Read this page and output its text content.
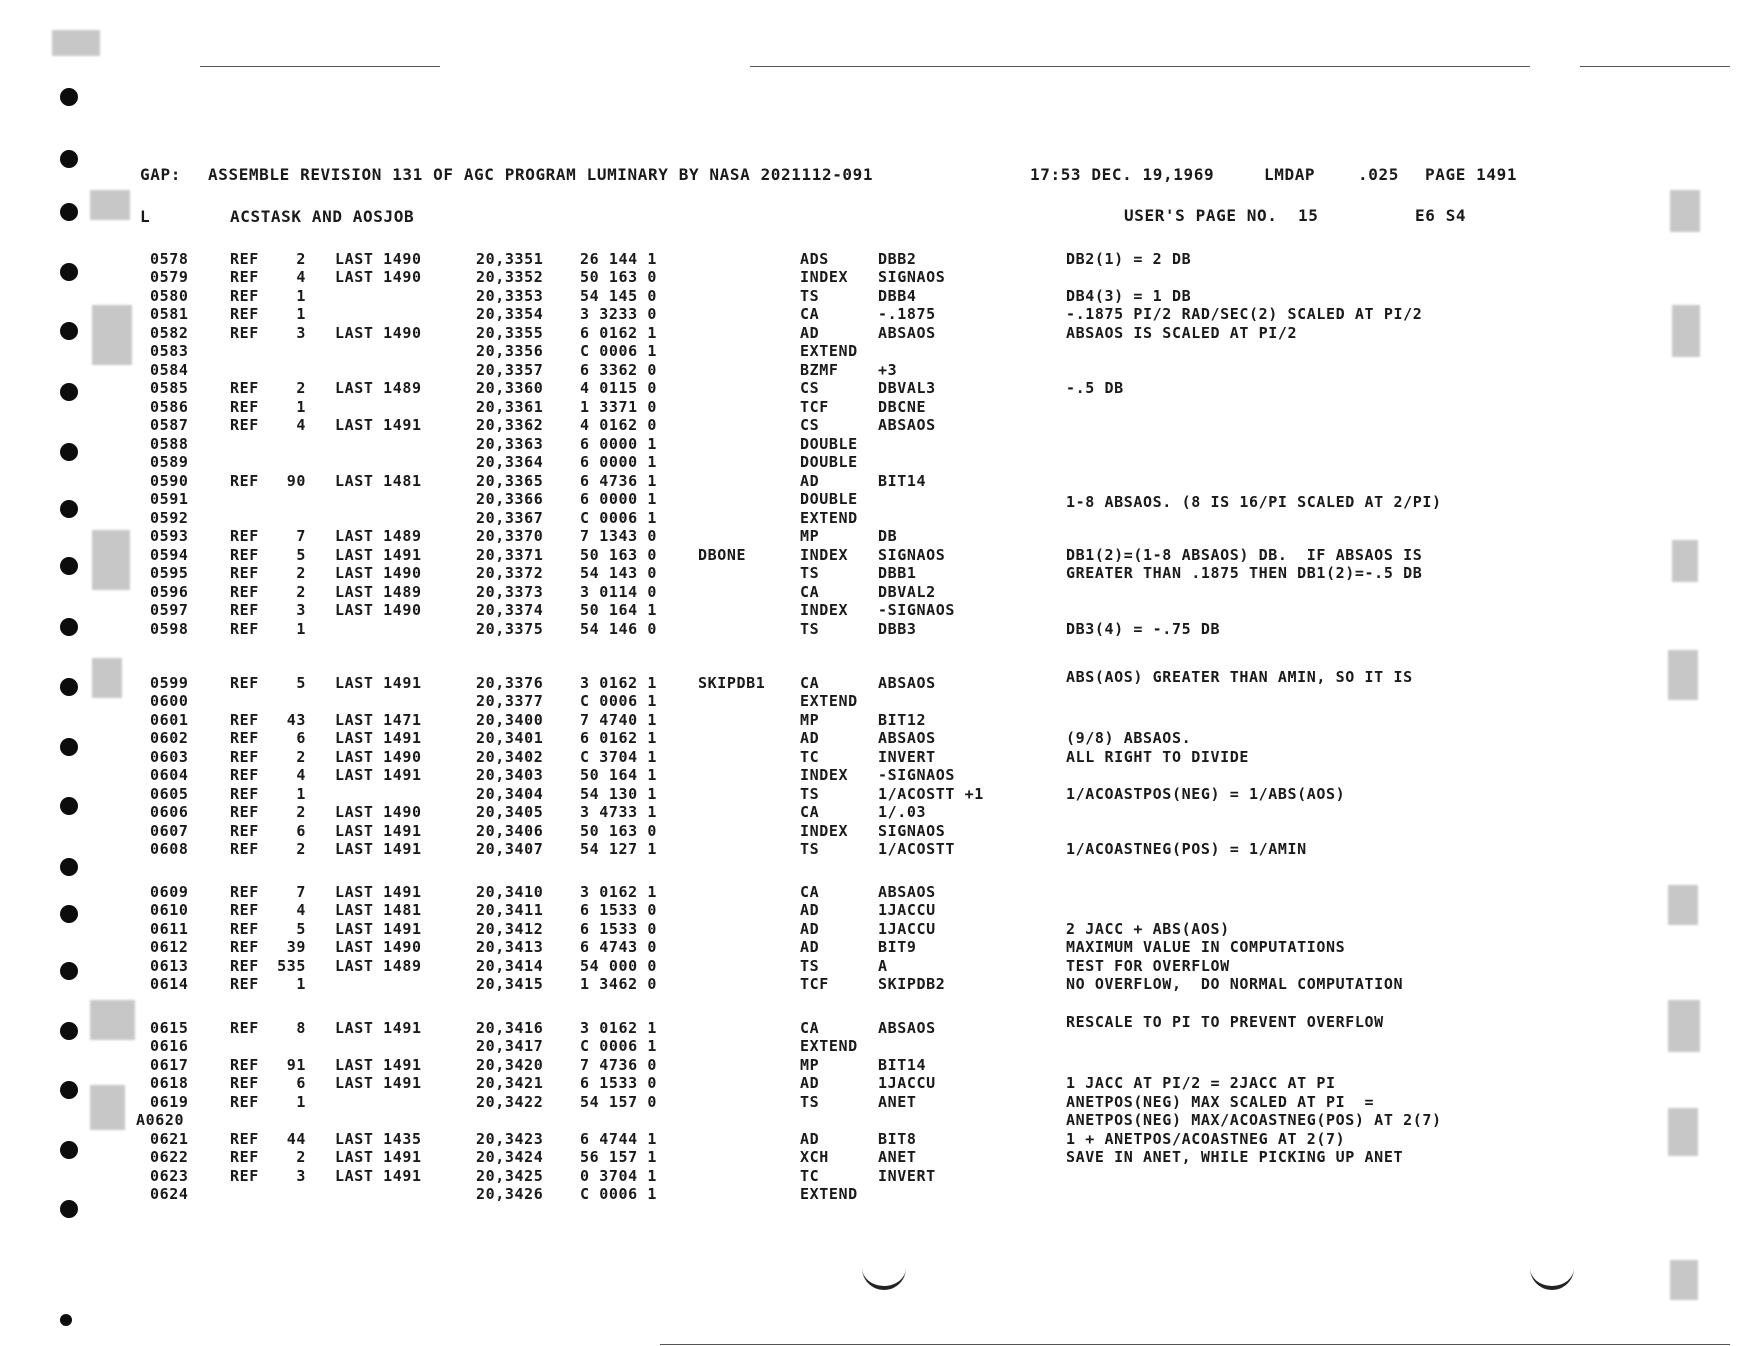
GAP: ASSEMBLE REVISION 131 OF AGC PROGRAM LUMINARY BY NASA 2021112-091	17:53 DEC. 19,1969	LMDAP	.025 PAGE 1491
L	ACSTASK AND AOSJOB	USER'S PAGE NO.  15	E6 S4
0578	REF 2 LAST 1490	20,3351 26 144 1	ADS	DBB2	DB2(1) = 2 DB
0579	REF 4 LAST 1490	20,3352 50 163 0	INDEX SIGNAOS
0580	REF 1	20,3353 54 145 0	TS	DBB4	DB4(3) = 1 DB
0581	REF 1	20,3354 3 3233 0	CA	-.1875	-.1875 PI/2 RAD/SEC(2) SCALED AT PI/2
0582	REF 3 LAST 1490	20,3355 6 0162 1	AD	ABSAOS	ABSAOS IS SCALED AT PI/2
0583	20,3356 C 0006 1	EXTEND
0584	20,3357 6 3362 0	BZMF	+3
0585	REF 2 LAST 1489	20,3360 4 0115 0	CS	DBVAL3	-.5 DB
0586	REF 1	20,3361 1 3371 0	TCF	DBCNE
0587	REF 4 LAST 1491	20,3362 4 0162 0	CS	ABSAOS
0588	20,3363 6 0000 1	DOUBLE
0589	20,3364 6 0000 1	DOUBLE
0590	REF 90 LAST 1481	20,3365 6 4736 1	AD	BIT14
0591	20,3366 6 0000 1	DOUBLE	1-8 ABSAOS. (8 IS 16/PI SCALED AT 2/PI)
0592	20,3367 C 0006 1	EXTEND
0593	REF 7 LAST 1489	20,3370 7 1343 0	MP	DB
0594	REF 5 LAST 1491	20,3371 50 163 0	DBONE	INDEX SIGNAOS	DB1(2)=(1-8 ABSAOS) DB.  IF ABSAOS IS
0595	REF 2 LAST 1490	20,3372 54 143 0	TS	DBB1	GREATER THAN .1875 THEN DB1(2)=-.5 DB
0596	REF 2 LAST 1489	20,3373 3 0114 0	CA	DBVAL2
0597	REF 3 LAST 1490	20,3374 50 164 1	INDEX -SIGNAOS
0598	REF 1	20,3375 54 146 0	TS	DBB3	DB3(4) = -.75 DB
0599	REF 5 LAST 1491	20,3376 3 0162 1	SKIPDB1 CA	ABSAOS	ABS(AOS) GREATER THAN AMIN, SO IT IS
0600	20,3377 C 0006 1	EXTEND
0601	REF 43 LAST 1471	20,3400 7 4740 1	MP	BIT12
0602	REF 6 LAST 1491	20,3401 6 0162 1	AD	ABSAOS	(9/8) ABSAOS.
0603	REF 2 LAST 1490	20,3402 C 3704 1	TC	INVERT	ALL RIGHT TO DIVIDE
0604	REF 4 LAST 1491	20,3403 50 164 1	INDEX -SIGNAOS
0605	REF 1	20,3404 54 130 1	TS	1/ACOSTT +1	1/ACOASTPOS(NEG) = 1/ABS(AOS)
0606	REF 2 LAST 1490	20,3405 3 4733 1	CA	1/.03
0607	REF 6 LAST 1491	20,3406 50 163 0	INDEX SIGNAOS
0608	REF 2 LAST 1491	20,3407 54 127 1	TS	1/ACOSTT	1/ACOASTNEG(POS) = 1/AMIN
0609	REF 7 LAST 1491	20,3410 3 0162 1	CA	ABSAOS
0610	REF 4 LAST 1481	20,3411 6 1533 0	AD	1JACCU
0611	REF 5 LAST 1491	20,3412 6 1533 0	AD	1JACCU	2 JACC + ABS(AOS)
0612	REF 39 LAST 1490	20,3413 6 4743 0	AD	BIT9	MAXIMUM VALUE IN COMPUTATIONS
0613	REF 535 LAST 1489	20,3414 54 000 0	TS	A	TEST FOR OVERFLOW
0614	REF 1	20,3415 1 3462 0	TCF	SKIPDB2	NO OVERFLOW,  DO NORMAL COMPUTATION
0615	REF 8 LAST 1491	20,3416 3 0162 1	CA	ABSAOS	RESCALE TO PI TO PREVENT OVERFLOW
0616	20,3417 C 0006 1	EXTEND
0617	REF 91 LAST 1491	20,3420 7 4736 0	MP	BIT14
0618	REF 6 LAST 1491	20,3421 6 1533 0	AD	1JACCU	1 JACC AT PI/2 = 2JACC AT PI
0619	REF 1	20,3422 54 157 0	TS	ANET	ANETPOS(NEG) MAX SCALED AT PI  =
A0620	ANETPOS(NEG) MAX/ACOASTNEG(POS) AT 2(7)
0621	REF 44 LAST 1435	20,3423 6 4744 1	AD	BIT8	1 + ANETPOS/ACOASTNEG AT 2(7)
0622	REF 2 LAST 1491	20,3424 56 157 1	XCH	ANET	SAVE IN ANET, WHILE PICKING UP ANET
0623	REF 3 LAST 1491	20,3425 0 3704 1	TC	INVERT
0624	20,3426 C 0006 1	EXTEND
